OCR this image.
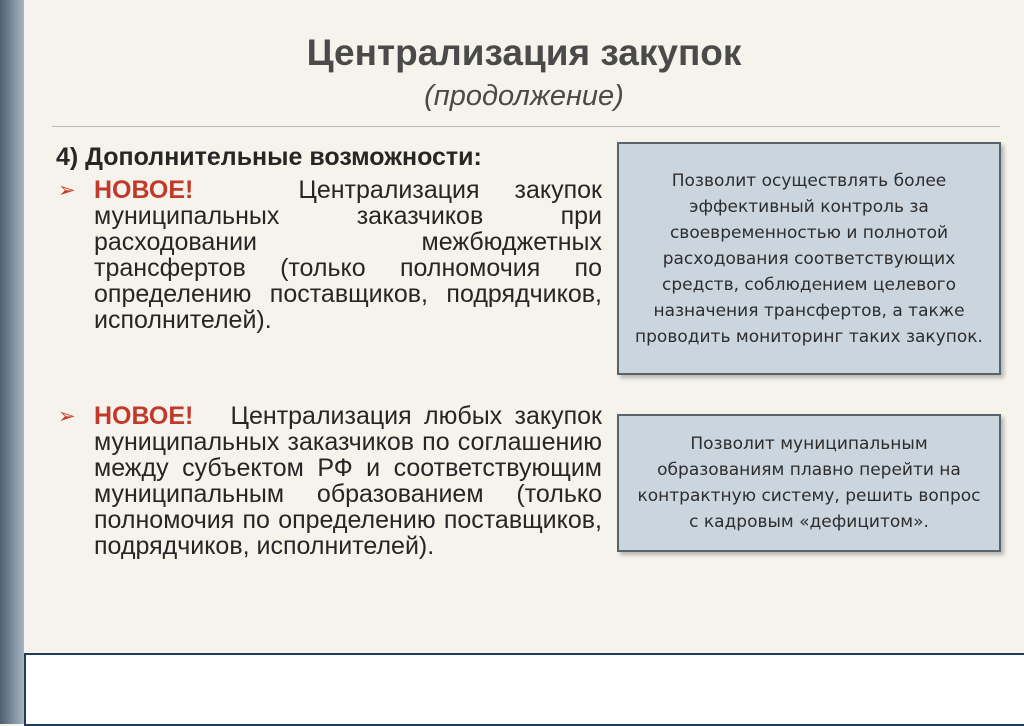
Централизация закупок
(продолжение)
4) Дополнительные возможности:
➢ НОВОЕ!	Централизация закупок муниципальных заказчиков при расходовании межбюджетных трансфертов (только полномочия по определению поставщиков, подрядчиков, исполнителей).
➢ НОВОЕ! Централизация любых закупок муниципальных заказчиков по соглашению между субъектом РФ и соответствующим муниципальным образованием (только полномочия по определению поставщиков, подрядчиков, исполнителей).
Позволит осуществлять более эффективный контроль за своевременностью и полнотой расходования соответствующих средств, соблюдением целевого назначения трансфертов, а также проводить мониторинг таких закупок.
Позволит муниципальным образованиям плавно перейти на контрактную систему, решить вопрос с кадровым «дефицитом».
